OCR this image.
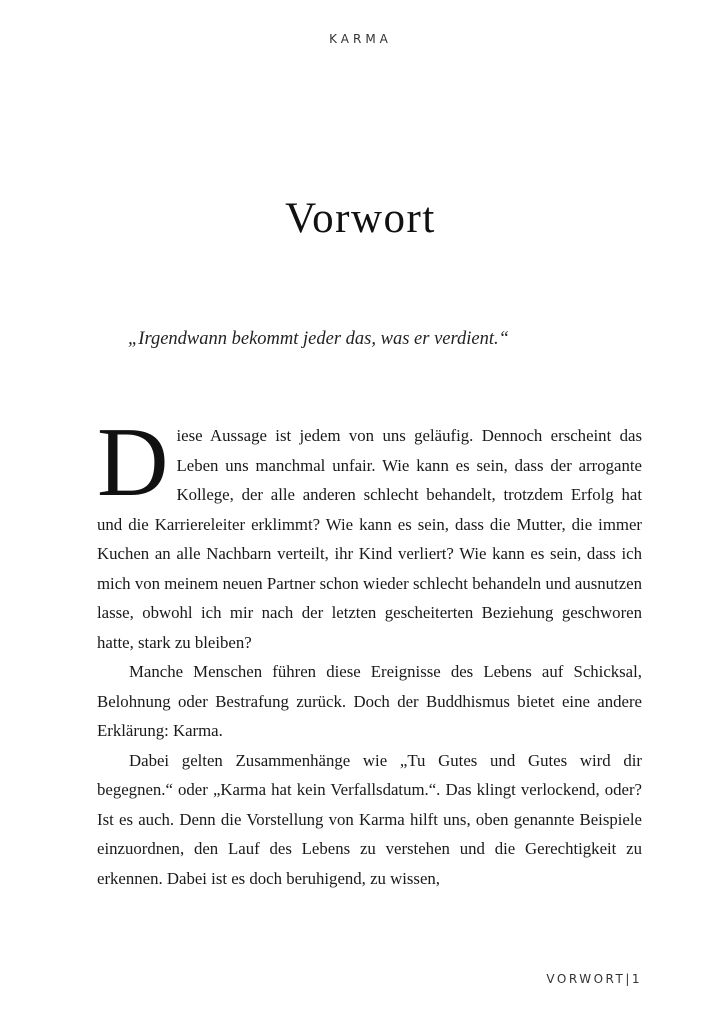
KARMA
Vorwort

„Irgendwann bekommt jeder das, was er verdient.“

Diese Aussage ist jedem von uns geläufig. Dennoch erscheint das Leben uns manchmal unfair. Wie kann es sein, dass der arrogante Kollege, der alle anderen schlecht behandelt, trotzdem Erfolg hat und die Karriereleiter erklimmt? Wie kann es sein, dass die Mutter, die immer Kuchen an alle Nachbarn verteilt, ihr Kind verliert? Wie kann es sein, dass ich mich von meinem neuen Partner schon wieder schlecht behandeln und ausnutzen lasse, obwohl ich mir nach der letzten gescheiterten Beziehung geschworen hatte, stark zu bleiben?

Manche Menschen führen diese Ereignisse des Lebens auf Schicksal, Belohnung oder Bestrafung zurück. Doch der Buddhismus bietet eine andere Erklärung: Karma.

Dabei gelten Zusammenhänge wie „Tu Gutes und Gutes wird dir begegnen.“ oder „Karma hat kein Verfallsdatum.“. Das klingt verlockend, oder? Ist es auch. Denn die Vorstellung von Karma hilft uns, oben genannte Beispiele einzuordnen, den Lauf des Lebens zu verstehen und die Gerechtigkeit zu erkennen. Dabei ist es doch beruhigend, zu wissen,

VORWORT|1
